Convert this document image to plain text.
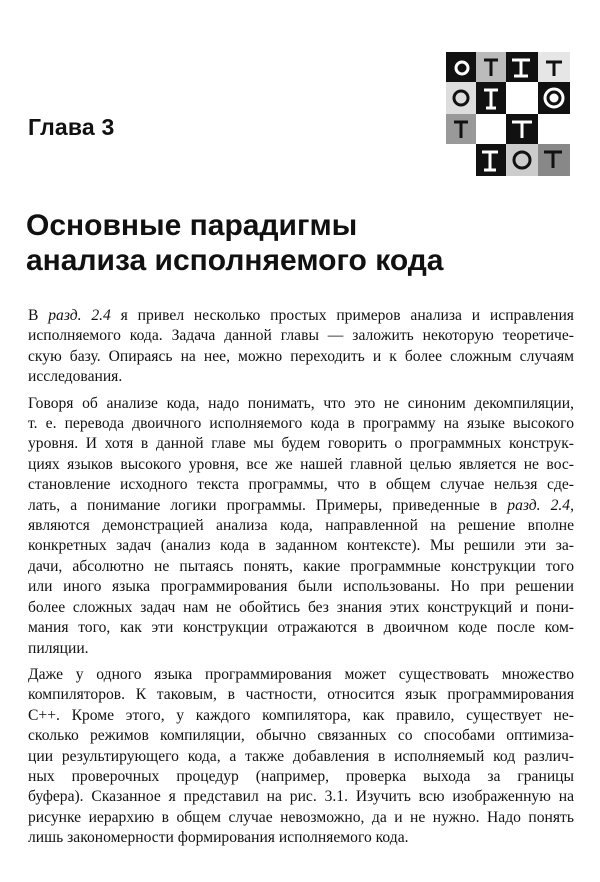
Глава 3
Основные парадигмы
анализа исполняемого кода

В разд. 2.4 я привел несколько простых примеров анализа и исправления
исполняемого кода. Задача данной главы — заложить некоторую теоретиче-
скую базу. Опираясь на нее, можно переходить и к более сложным случаям
исследования.

Говоря об анализе кода, надо понимать, что это не синоним декомпиляции,
т. е. перевода двоичного исполняемого кода в программу на языке высокого
уровня. И хотя в данной главе мы будем говорить о программных конструк-
циях языков высокого уровня, все же нашей главной целью является не вос-
становление исходного текста программы, что в общем случае нельзя сде-
лать, а понимание логики программы. Примеры, приведенные в разд. 2.4,
являются демонстрацией анализа кода, направленной на решение вполне
конкретных задач (анализ кода в заданном контексте). Мы решили эти за-
дачи, абсолютно не пытаясь понять, какие программные конструкции того
или иного языка программирования были использованы. Но при решении
более сложных задач нам не обойтись без знания этих конструкций и пони-
мания того, как эти конструкции отражаются в двоичном коде после ком-
пиляции.

Даже у одного языка программирования может существовать множество
компиляторов. К таковым, в частности, относится язык программирования
C++. Кроме этого, у каждого компилятора, как правило, существует не-
сколько режимов компиляции, обычно связанных со способами оптимиза-
ции результирующего кода, а также добавления в исполняемый код различ-
ных проверочных процедур (например, проверка выхода за границы
буфера). Сказанное я представил на рис. 3.1. Изучить всю изображенную на
рисунке иерархию в общем случае невозможно, да и не нужно. Надо понять
лишь закономерности формирования исполняемого кода.
